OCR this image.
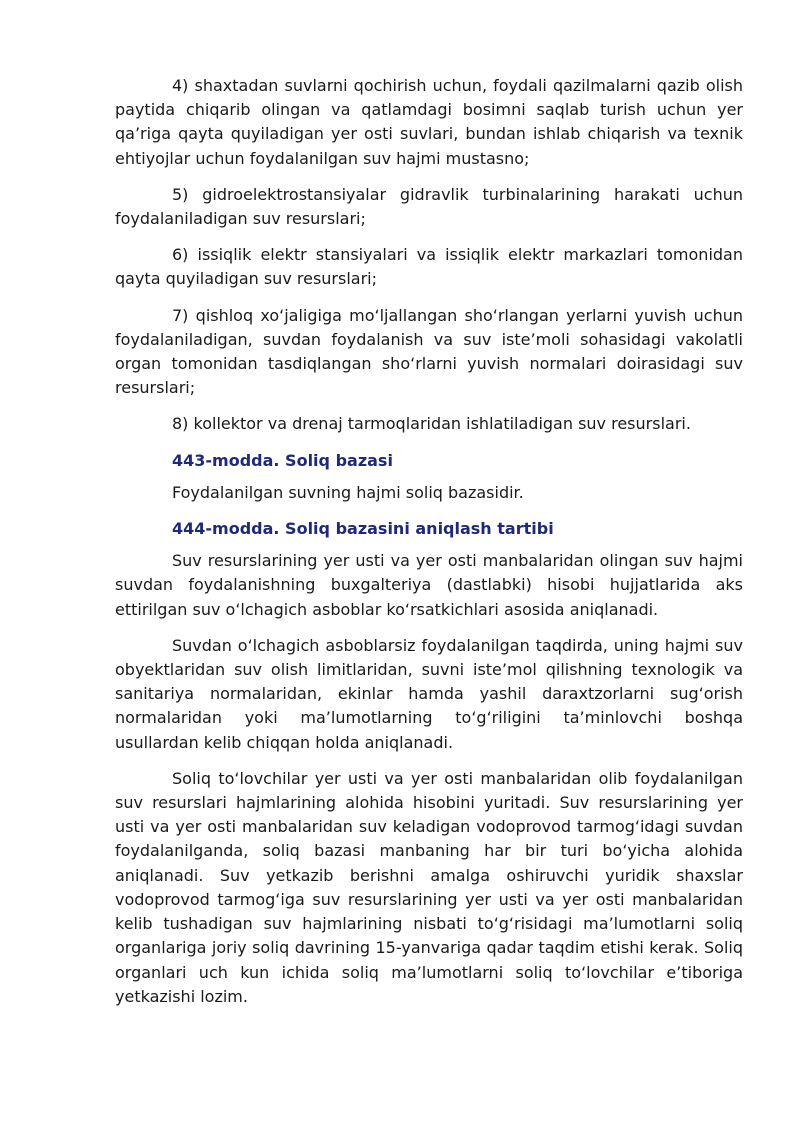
4) shaxtadan suvlarni qochirish uchun, foydali qazilmalarni qazib olish paytida chiqarib olingan va qatlamdagi bosimni saqlab turish uchun yer qa’riga qayta quyiladigan yer osti suvlari, bundan ishlab chiqarish va texnik ehtiyojlar uchun foydalanilgan suv hajmi mustasno;

5) gidroelektrostansiyalar gidravlik turbinalarining harakati uchun foydalaniladigan suv resurslari;

6) issiqlik elektr stansiyalari va issiqlik elektr markazlari tomonidan qayta quyiladigan suv resurslari;

7) qishloq xo‘jaligiga mo‘ljallangan sho‘rlangan yerlarni yuvish uchun foydalaniladigan, suvdan foydalanish va suv iste’moli sohasidagi vakolatli organ tomonidan tasdiqlangan sho‘rlarni yuvish normalari doirasidagi suv resurslari;

8) kollektor va drenaj tarmoqlaridan ishlatiladigan suv resurslari.

443-modda. Soliq bazasi

Foydalanilgan suvning hajmi soliq bazasidir.

444-modda. Soliq bazasini aniqlash tartibi

Suv resurslarining yer usti va yer osti manbalaridan olingan suv hajmi suvdan foydalanishning buxgalteriya (dastlabki) hisobi hujjatlarida aks ettirilgan suv o‘lchagich asboblar ko‘rsatkichlari asosida aniqlanadi.

Suvdan o‘lchagich asboblarsiz foydalanilgan taqdirda, uning hajmi suv obyektlaridan suv olish limitlaridan, suvni iste’mol qilishning texnologik va sanitariya normalaridan, ekinlar hamda yashil daraxtzorlarni sug‘orish normalaridan yoki ma’lumotlarning to‘g‘riligini ta’minlovchi boshqa usullardan kelib chiqqan holda aniqlanadi.

Soliq to‘lovchilar yer usti va yer osti manbalaridan olib foydalanilgan suv resurslari hajmlarining alohida hisobini yuritadi. Suv resurslarining yer usti va yer osti manbalaridan suv keladigan vodoprovod tarmog‘idagi suvdan foydalanilganda, soliq bazasi manbaning har bir turi bo‘yicha alohida aniqlanadi. Suv yetkazib berishni amalga oshiruvchi yuridik shaxslar vodoprovod tarmog‘iga suv resurslarining yer usti va yer osti manbalaridan kelib tushadigan suv hajmlarining nisbati to‘g‘risidagi ma’lumotlarni soliq organlariga joriy soliq davrining 15-yanvariga qadar taqdim etishi kerak. Soliq organlari uch kun ichida soliq ma’lumotlarni soliq to‘lovchilar e’tiboriga yetkazishi lozim.
